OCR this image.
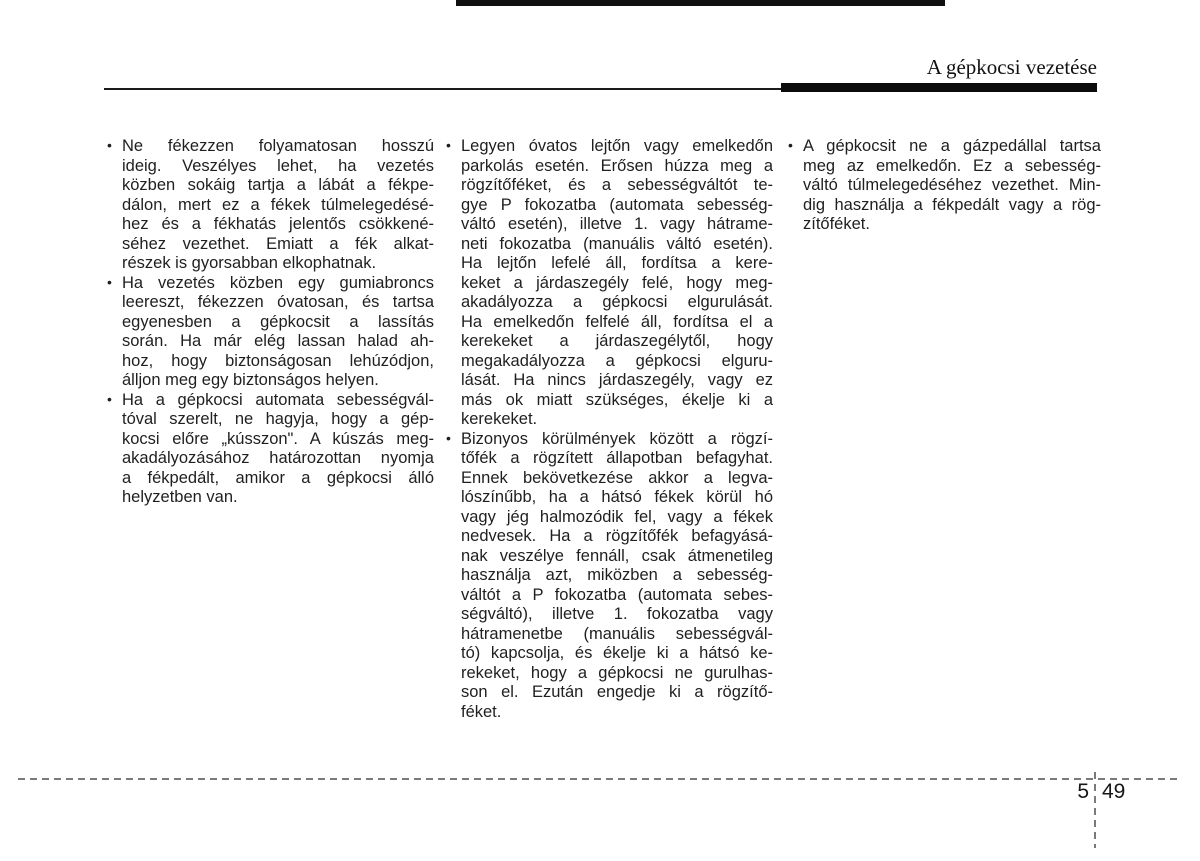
A gépkocsi vezetése
• Ne fékezzen folyamatosan hosszú
ideig. Veszélyes lehet, ha vezetés
közben sokáig tartja a lábát a fékpe-
dálon, mert ez a fékek túlmelegedésé-
hez és a fékhatás jelentős csökkené-
séhez vezethet. Emiatt a fék alkat-
részek is gyorsabban elkophatnak.
• Ha vezetés közben egy gumiabroncs
leereszt, fékezzen óvatosan, és tartsa
egyenesben a gépkocsit a lassítás
során. Ha már elég lassan halad ah-
hoz, hogy biztonságosan lehúzódjon,
álljon meg egy biztonságos helyen.
• Ha a gépkocsi automata sebességvál-
tóval szerelt, ne hagyja, hogy a gép-
kocsi előre „kússzon". A kúszás meg-
akadályozásához határozottan nyomja
a fékpedált, amikor a gépkocsi álló
helyzetben van.
• Legyen óvatos lejtőn vagy emelkedőn
parkolás esetén. Erősen húzza meg a
rögzítőféket, és a sebességváltót te-
gye P fokozatba (automata sebesség-
váltó esetén), illetve 1. vagy hátrame-
neti fokozatba (manuális váltó esetén).
Ha lejtőn lefelé áll, fordítsa a kere-
keket a járdaszegély felé, hogy meg-
akadályozza a gépkocsi elgurulását.
Ha emelkedőn felfelé áll, fordítsa el a
kerekeket a járdaszegélytől, hogy
megakadályozza a gépkocsi elguru-
lását. Ha nincs járdaszegély, vagy ez
más ok miatt szükséges, ékelje ki a
kerekeket.
• Bizonyos körülmények között a rögzí-
tőfék a rögzített állapotban befagyhat.
Ennek bekövetkezése akkor a legva-
lószínűbb, ha a hátsó fékek körül hó
vagy jég halmozódik fel, vagy a fékek
nedvesek. Ha a rögzítőfék befagyásá-
nak veszélye fennáll, csak átmenetileg
használja azt, miközben a sebesség-
váltót a P fokozatba (automata sebes-
ségváltó), illetve 1. fokozatba vagy
hátramenetbe (manuális sebességvál-
tó) kapcsolja, és ékelje ki a hátsó ke-
rekeket, hogy a gépkocsi ne gurulhas-
son el. Ezután engedje ki a rögzítő-
féket.
• A gépkocsit ne a gázpedállal tartsa
meg az emelkedőn. Ez a sebesség-
váltó túlmelegedéséhez vezethet. Min-
dig használja a fékpedált vagy a rög-
zítőféket.
5 49
